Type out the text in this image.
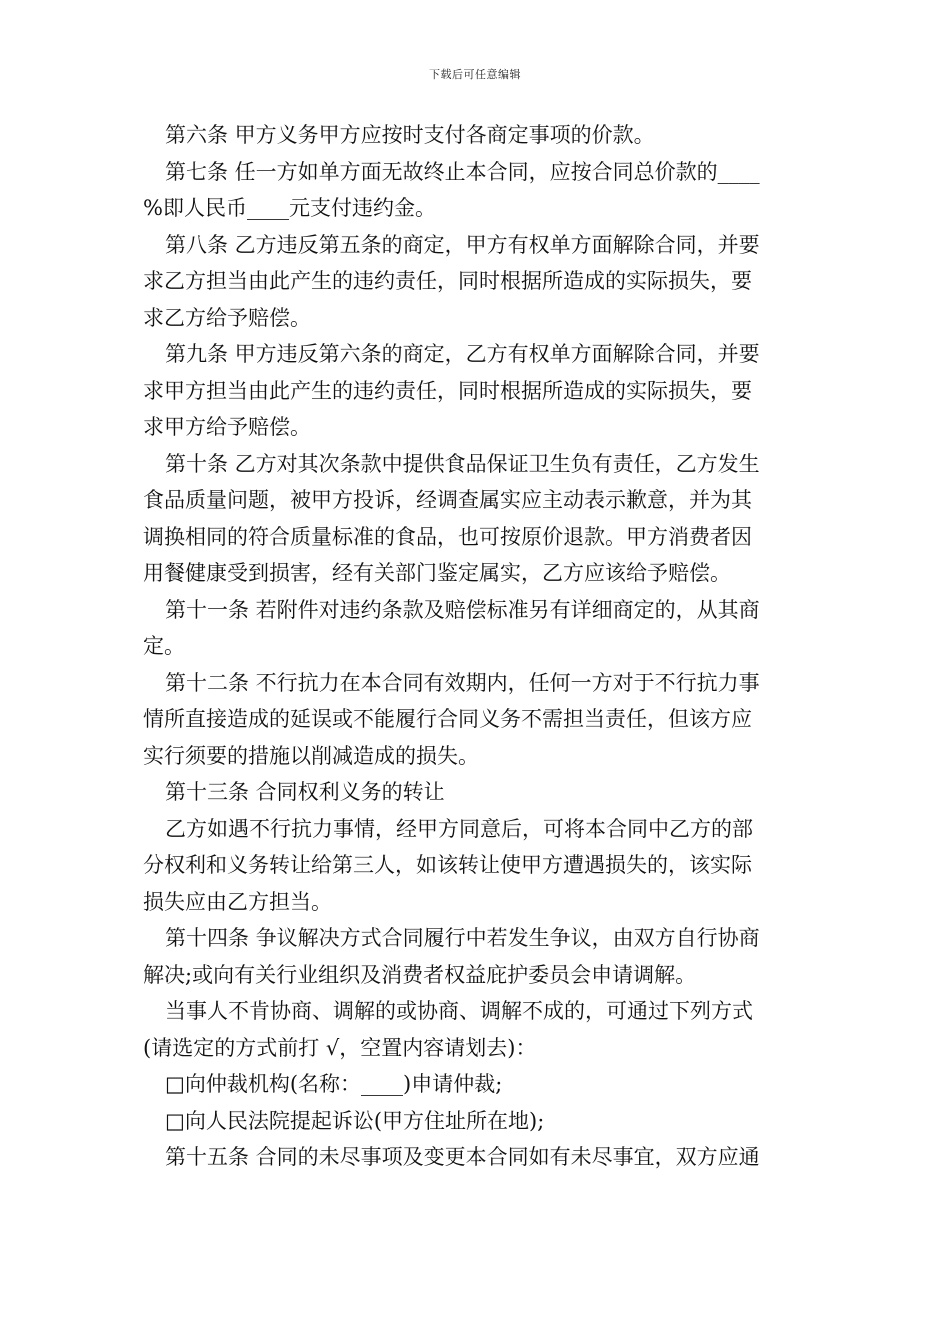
下载后可任意编辑

第六条 甲方义务甲方应按时支付各商定事项的价款。

第七条 任一方如单方面无故终止本合同，应按合同总价款的____

%即人民币____元支付违约金。

第八条 乙方违反第五条的商定，甲方有权单方面解除合同，并要

求乙方担当由此产生的违约责任，同时根据所造成的实际损失，要

求乙方给予赔偿。

第九条 甲方违反第六条的商定，乙方有权单方面解除合同，并要

求甲方担当由此产生的违约责任，同时根据所造成的实际损失，要

求甲方给予赔偿。

第十条 乙方对其次条款中提供食品保证卫生负有责任，乙方发生

食品质量问题，被甲方投诉，经调查属实应主动表示歉意，并为其

调换相同的符合质量标准的食品，也可按原价退款。甲方消费者因

用餐健康受到损害，经有关部门鉴定属实，乙方应该给予赔偿。

第十一条 若附件对违约条款及赔偿标准另有详细商定的，从其商

定。

第十二条 不行抗力在本合同有效期内，任何一方对于不行抗力事

情所直接造成的延误或不能履行合同义务不需担当责任，但该方应

实行须要的措施以削减造成的损失。

第十三条 合同权利义务的转让

乙方如遇不行抗力事情，经甲方同意后，可将本合同中乙方的部

分权利和义务转让给第三人，如该转让使甲方遭遇损失的，该实际

损失应由乙方担当。

第十四条 争议解决方式合同履行中若发生争议，由双方自行协商

解决;或向有关行业组织及消费者权益庇护委员会申请调解。

当事人不肯协商、调解的或协商、调解不成的，可通过下列方式

(请选定的方式前打 √，空置内容请划去)：

□向仲裁机构(名称：____)申请仲裁;

□向人民法院提起诉讼(甲方住址所在地);

第十五条 合同的未尽事项及变更本合同如有未尽事宜，双方应通
